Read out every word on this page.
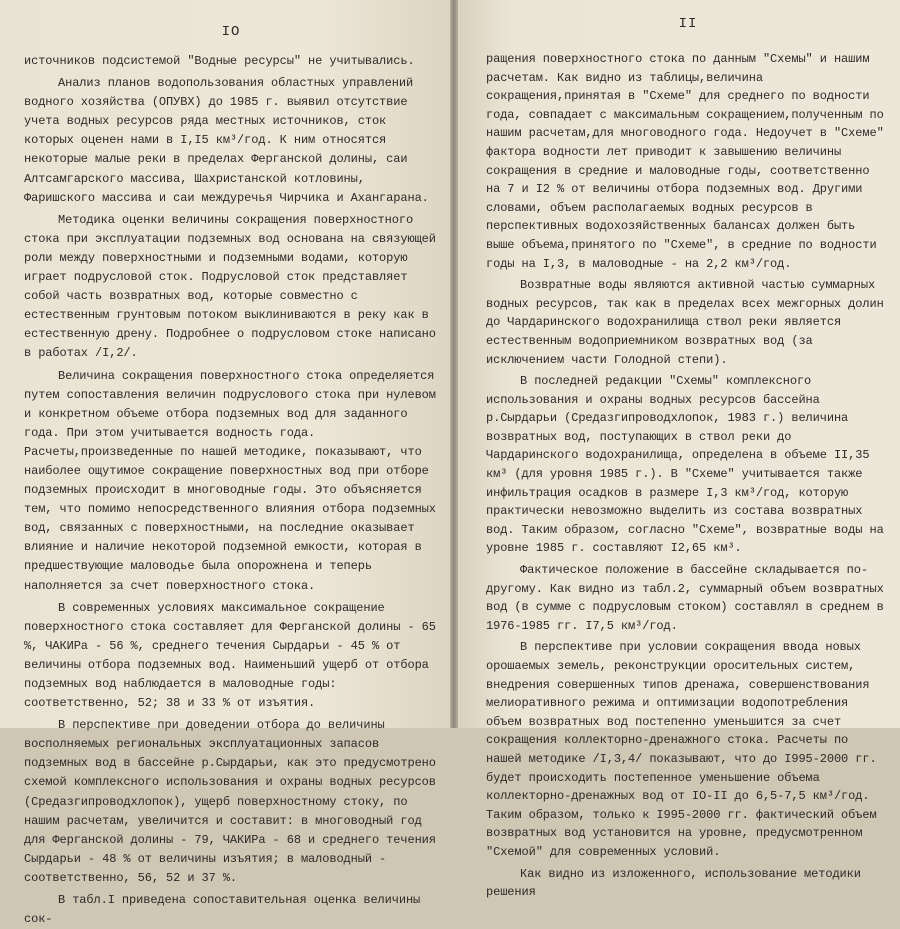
IO

источников подсистемой "Водные ресурсы" не учитывались.

Анализ планов водопользования областных управлений водного хозяйства (ОПУВХ) до 1985 г. выявил отсутствие учета водных ресурсов ряда местных источников, сток которых оценен нами в I,I5 км³/год. К ним относятся некоторые малые реки в пределах Ферганской долины, саи Алтсамгарского массива, Шахристанской котловины, Фаришского массива и саи междуречья Чирчика и Ахангарана.

Методика оценки величины сокращения поверхностного стока при эксплуатации подземных вод основана на связующей роли между поверхностными и подземными водами, которую играет подрусловой сток. Подрусловой сток представляет собой часть возвратных вод, которые совместно с естественным грунтовым потоком выклиниваются в реку как в естественную дрену. Подробнее о подрусловом стоке написано в работах /I,2/.

Величина сокращения поверхностного стока определяется путем сопоставления величин подруслового стока при нулевом и конкретном объеме отбора подземных вод для заданного года. При этом учитывается водность года. Расчеты,произведенные по нашей методике, показывают, что наиболее ощутимое сокращение поверхностных вод при отборе подземных происходит в многоводные годы. Это объясняется тем, что помимо непосредственного влияния отбора подземных вод, связанных с поверхностными, на последние оказывает влияние и наличие некоторой подземной емкости, которая в предшествующие маловодье была опорожнена и теперь наполняется за счет поверхностного стока.

В современных условиях максимальное сокращение поверхностного стока составляет для Ферганской долины - 65 %, ЧАКИРа - 56 %, среднего течения Сырдарьи - 45 % от величины отбора подземных вод. Наименьший ущерб от отбора подземных вод наблюдается в маловодные годы: соответственно, 52; 38 и 33 % от изъятия.

В перспективе при доведении отбора до величины восполняемых региональных эксплуатационных запасов подземных вод в бассейне р.Сырдарьи, как это предусмотрено схемой комплексного использования и охраны водных ресурсов (Средазгипроводхлопок), ущерб поверхностному стоку, по нашим расчетам, увеличится и составит: в многоводный год для Ферганской долины - 79, ЧАКИРа - 68 и среднего течения Сырдарьи - 48 % от величины изъятия; в маловодный - соответственно, 56, 52 и 37 %.

В табл.I приведена сопоставительная оценка величины сок-

II

ращения поверхностного стока по данным "Схемы" и нашим расчетам. Как видно из таблицы,величина сокращения,принятая в "Схеме" для среднего по водности года, совпадает с максимальным сокращением,полученным по нашим расчетам,для многоводного года. Недоучет в "Схеме" фактора водности лет приводит к завышению величины сокращения в средние и маловодные годы, соответственно на 7 и I2 % от величины отбора подземных вод. Другими словами, объем располагаемых водных ресурсов в перспективных водохозяйственных балансах должен быть выше объема,принятого по "Схеме", в средние по водности годы на I,3, в маловодные - на 2,2 км³/год.

Возвратные воды являются активной частью суммарных водных ресурсов, так как в пределах всех межгорных долин до Чардаринского водохранилища ствол реки является естественным водоприемником возвратных вод (за исключением части Голодной степи).

В последней редакции "Схемы" комплексного использования и охраны водных ресурсов бассейна р.Сырдарьи (Средазгипроводхлопок, 1983 г.) величина возвратных вод, поступающих в ствол реки до Чардаринского водохранилища, определена в объеме II,35 км³ (для уровня 1985 г.). В "Схеме" учитывается также инфильтрация осадков в размере I,3 км³/год, которую практически невозможно выделить из состава возвратных вод. Таким образом, согласно "Схеме", возвратные воды на уровне 1985 г. составляют I2,65 км³.

Фактическое положение в бассейне складывается по-другому. Как видно из табл.2, суммарный объем возвратных вод (в сумме с подрусловым стоком) составлял в среднем в 1976-1985 гг. I7,5 км³/год.

В перспективе при условии сокращения ввода новых орошаемых земель, реконструкции оросительных систем, внедрения совершенных типов дренажа, совершенствования мелиоративного режима и оптимизации водопотребления объем возвратных вод постепенно уменьшится за счет сокращения коллекторно-дренажного стока. Расчеты по нашей методике /I,3,4/ показывают, что до I995-2000 гг. будет происходить постепенное уменьшение объема коллекторно-дренажных вод от IO-II до 6,5-7,5 км³/год. Таким образом, только к I995-2000 гг. фактический объем возвратных вод установится на уровне, предусмотренном "Схемой" для современных условий.

Как видно из изложенного, использование методики решения
